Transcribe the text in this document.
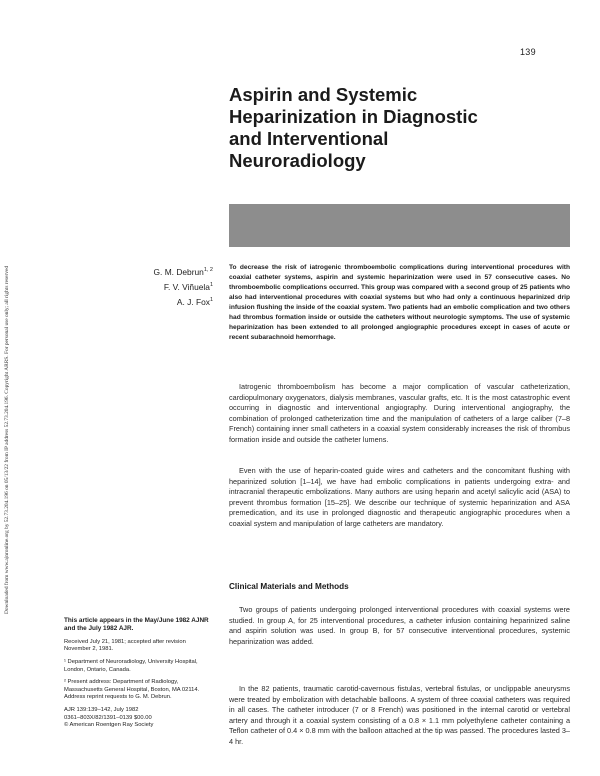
Downloaded from www.ajnronline.org by 52.73.204.196 on 05/13/22 from IP address 52.73.204.196. Copyright ARRS. For personal use only; all rights reserved
139
Aspirin and Systemic
Heparinization in Diagnostic
and Interventional
Neuroradiology
G. M. Debrun$^{1, 2}$
F. V. Viñuela$^1$
A. J. Fox$^1$

To decrease the risk of iatrogenic thromboembolic complications during interventional procedures with coaxial catheter systems, aspirin and systemic heparinization were used in 57 consecutive cases. No thromboembolic complications occurred. This group was compared with a second group of 25 patients who also had interventional procedures with coaxial systems but who had only a continuous heparinized drip infusion flushing the inside of the coaxial system. Two patients had an embolic complication and two others had thrombus formation inside or outside the catheters without neurologic symptoms. The use of systemic heparinization has been extended to all prolonged angiographic procedures except in cases of acute or recent subarachnoid hemorrhage.

Iatrogenic thromboembolism has become a major complication of vascular catheterization, cardiopulmonary oxygenators, dialysis membranes, vascular grafts, etc. It is the most catastrophic event occurring in diagnostic and interventional angiography. During interventional angiography, the combination of prolonged catheterization time and the manipulation of catheters of a large caliber (7–8 French) containing inner small catheters in a coaxial system considerably increases the risk of thrombus formation inside and outside the catheter lumens.

Even with the use of heparin-coated guide wires and catheters and the concomitant flushing with heparinized solution [1–14], we have had embolic complications in patients undergoing extra- and intracranial therapeutic embolizations. Many authors are using heparin and acetyl salicylic acid (ASA) to prevent thrombus formation [15–25]. We describe our technique of systemic heparinization and ASA premedication, and its use in prolonged diagnostic and therapeutic angiographic procedures when a coaxial system and manipulation of large catheters are mandatory.

Clinical Materials and Methods

Two groups of patients undergoing prolonged interventional procedures with coaxial systems were studied. In group A, for 25 interventional procedures, a catheter infusion containing heparinized saline and aspirin solution was used. In group B, for 57 consecutive interventional procedures, systemic heparinization was added.

In the 82 patients, traumatic carotid-cavernous fistulas, vertebral fistulas, or unclippable aneurysms were treated by embolization with detachable balloons. A system of three coaxial catheters was required in all cases. The catheter introducer (7 or 8 French) was positioned in the internal carotid or vertebral artery and through it a coaxial system consisting of a 0.8 × 1.1 mm polyethylene catheter containing a Teflon catheter of 0.4 × 0.8 mm with the balloon attached at the tip was passed. The procedures lasted 3–4 hr.

This article appears in the May/June 1982 AJNR and the July 1982 AJR.

Received July 21, 1981; accepted after revision November 2, 1981.

¹ Department of Neuroradiology, University Hospital, London, Ontario, Canada.

² Present address: Department of Radiology, Massachusetts General Hospital, Boston, MA 02114. Address reprint requests to G. M. Debrun.

AJR 139:139–142, July 1982

0361–803X/82/1391–0139 $00.00

© American Roentgen Ray Society
